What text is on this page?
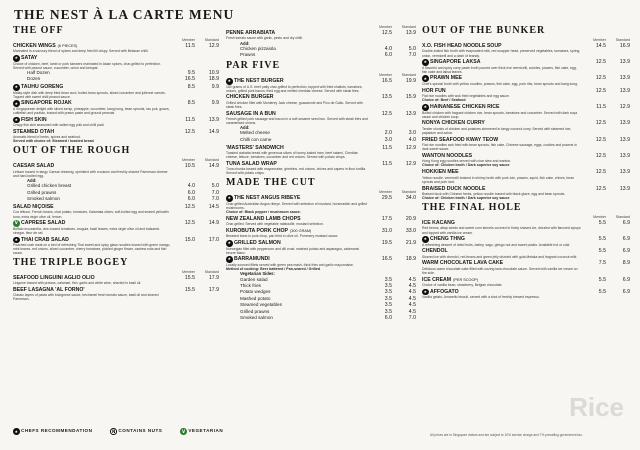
THE NEST À LA CARTE MENU
THE OFF
Member	Standard
CHICKEN WINGS (6 PIECES)	11.5	12.9
Marinated in a savoury blend of spices and deep fried till crispy. Served with Belacan chilli.
★ SATAY
Choice of chicken, beef, lamb or pork skewers marinated in Asian spices, char-grilled to perfection. Served with peanut sauce, cucumber, onion and ketupat.
Half Dozen	9.5	10.9
Dozen	16.5	18.9
★ TAUHU GORENG	8.5	9.9
Malay-style dish with deep fried bean curd, boiled bean sprouts, sliced cucumber and julienne carrots. Topped with sweet chilli peanut sauce.
★ SINGAPORE ROJAK	8.5	9.9
A Singaporean delight with sliced turnip, pineapple, cucumber, kang kong, bean sprouts, tau pok, guava, cuttlefish and youtiao, tossed with prawn paste and ground peanuts.
★ FISH SKIN	11.5	13.9
Crispy fish skin seasoned with salted egg yolk and chilli padi.
STEAMED OTAH	12.5	14.9
Aromatic blend of herbs, spices and seafood.
Served with choice of: Steamed / toasted bread
OUT OF THE ROUGH
Member	Standard
CAESAR SALAD	10.5	14.9
Lettuce tossed in tangy Caesar dressing, sprinkled with croutons and freshly shaved Parmesan cheese and hard-boiled egg.
Add:
Grilled chicken breast	4.0	5.0
Grilled prawns	6.0	7.0
Smoked salmon	6.0	7.0
SALAD NIÇOISE	12.5	14.5
Cos lettuce, French beans, chat potato, tomatoes, Kalamata olives, soft-boiled egg and seared yellowfin tuna, extra virgin olive oil, lemon.
V CAPRESE SALAD	12.5	14.9
Buffalo mozzarella, vine-tossed tomatoes, arugula, basil leaves, extra virgin olive oil and balsamic vinegar, fleur de sel.
★ THAI CRAB SALAD	15.0	17.0
Poached crab meat on a bed of refreshing Thai sweet and spicy glass noodles tossed with green mango, mint leaves, red onions, sliced cucumber, cherry tomatoes, pickled ginger flower, cashew nuts and fish sauce.
THE TRIPLE BOGEY
Member	Standard
SEAFOOD LINGUINI AGLIO OLIO	15.5	17.9
Linguine tossed with prawns, calamari, fish, garlic and white wine, drizzled in basil oil.
BEEF LASAGNA 'AL FORNO'	15.5	17.9
Classic layers of pasta with bolognese sauce, béchamel fresh tomato sauce, basil oil and shaved Parmesan.
Member	Standard
PENNE ARRABIATA	12.5	13.9
Fresh tomato sauce with garlic, pesto and dry chilli.
Add:
Chicken pizzaiola	4.0	5.0
Prawns	6.0	7.0
PAR FIVE
Member	Standard
★ THE NEST BURGER	16.5	19.9
180 grams of U.S. beef patty char-grilled to perfection, topped with fried shallots, tomatoes, onions, grilled pork bacon, fried egg and melted cheddar cheese. Served with steak fries.
CHICKEN BURGER	13.5	15.9
Grilled chicken fillet with Monterey Jack cheese, guacamole and Pico de Gallo. Served with steak fries.
SAUSAGE IN A BUN	12.5	13.9
French grilled pork sausage and bacon in a soft sesame seed bun. Served with steak fries and caramelised onions.
Add:
Melted cheese	2.0	3.0
Chilli con carne	3.0	4.0
'MASTERS' SANDWICH	11.5	12.9
Toasted ciabatta bread with generous slices of honey-baked ham, beef salami, Cheddar cheese, lettuce, tomatoes, cucumber and red onions. Served with potato crisps.
TUNA SALAD WRAP	11.5	12.9
Tuna chunks tossed with mayonnaise, gherkins, red onions, chives and capers in flour tortilla. Served with potato crisps.
MADE THE CUT
Member	Standard
★ THE NEST ANGUS RIBEYE	29.5	34.0
Char-grilled Australian Angus ribeye. Served with selection of mustard, horseradish and grilled mushrooms.
Choice of: Black pepper / mushroom sauce.
NEW ZEALAND LAMB CHOPS	17.5	20.9
Char-grilled. Served with vegetable ratatouille, mustard selection.
KUROBUTA PORK CHOP (300 GRAM)	31.0	33.0
Breaded bone-in pork chop, pan fried in olive oil. Pommery mustard sauce.
★ GRILLED SALMON	19.5	21.9
Norwegian fillet with peppercorn and dill crust, mashed potato and asparagus, calamansi beurre blanc.
★ BARRAMUNDI	16.5	18.9
Locally sourced fillets served with green pea mash, thick fries and garlic mayonnaise.
Method of cooking: Beer battered / Pan-seared / Grilled
Vegetarian Sides:
Garden salad	3.5	4.5
Thick fries	3.5	4.5
Potato wedges	3.5	4.5
Mashed potato	3.5	4.5
Steamed vegetables	3.5	4.5
Grilled prawns	3.5	4.5
Smoked salmon	6.0	7.0
OUT OF THE BUNKER
Member	Standard
X.O. FISH HEAD NOODLE SOUP	14.5	16.9
Double-boiled fish broth with evaporated milk, red snapper head, preserved vegetables, tomatoes, spring onion, vermicelli and a dash of brandy.
★ SINGAPORE LAKSA	12.5	13.9
A flavorful and spicy curry paste broth poured over thick rice vermicelli, cockles, prawns, fish cake, egg, fish cake and laksa leaves.
★ PRAWN MEE	12.5	13.9
Chef's special broth with yellow noodles, prawns, fish cake, egg, pork ribs, bean sprouts and kang kong.
HOR FUN	12.5	13.9
Flat rice noodles with wok fried vegetables and egg sauce.
Choice of: Beef / Seafood
★ HAINANESE CHICKEN RICE	11.5	12.9
Boiled chicken with fragrant chicken rice, bean sprouts, tomatoes and cucumber. Served with dark soya sauce and chicken soup.
NONYA CHICKEN CURRY	12.5	13.9
Tender chunks of chicken and potatoes simmered in tangy coconut curry. Served with steamed rice, papadum and achar.
FRIED SEAFOOD KWAY TEOW	12.5	13.9
Flat rice noodles wok fried with bean sprouts, fish cake, Chinese sausage, eggs, cockles and prawns in dark sweet sauce.
WANTON NOODLES	12.5	13.9
Hong Kong egg noodles served with char siew and wanton.
Choice of: Chicken broth / Dark superior soy sauce
HOKKIEN MEE	12.5	13.9
Yellow noodle, vermicelli braised in shrimp broth with pork loin, prawns, squid, fish cake, chives, bean sprouts and pork lard.
BRAISED DUCK NOODLE	12.5	13.9
Braised duck with Chinese herbs, yellow noodle tossed with black glaze, egg and bean sprouts.
Choice of: Chicken broth / Dark superior soy sauce
THE FINAL HOLE
Member	Standard
ICE KACANG	5.5	6.9
Red beans, attap seeds and sweet corn kernels covered in finely shaved ice, drizzled with flavored syrups and topped with vanilla ice cream.
★ CHENG THNG	5.5	6.9
A refreshing dessert of dried fruits, barley, sago, ginkgo nut and sweet potato. Available hot or cold.
CHENDOL	5.5	6.9
Shaved ice with chendol, red beans and green jelly drizzled with gula Melaka and fragrant coconut milk.
WARM CHOCOLATE LAVA CAKE	7.5	8.9
Delicious warm chocolate cake filled with oozing lava chocolate sauce. Served with vanilla ice cream on the side.
ICE CREAM (PER SCOOP)	5.5	6.9
Choice of vanilla bean, strawberry, Belgian chocolate.
★ AFFOGATO	5.5	6.9
Vanilla gelato, Amaretto biscuit, served with a shot of freshly brewed espresso.
★ CHEFS RECOMMENDATION	N CONTAINS NUTS	V VEGETARIAN
All prices are in Singapore dollars and are subject to 10% service charge and 7% prevailing government tax.
Rice
